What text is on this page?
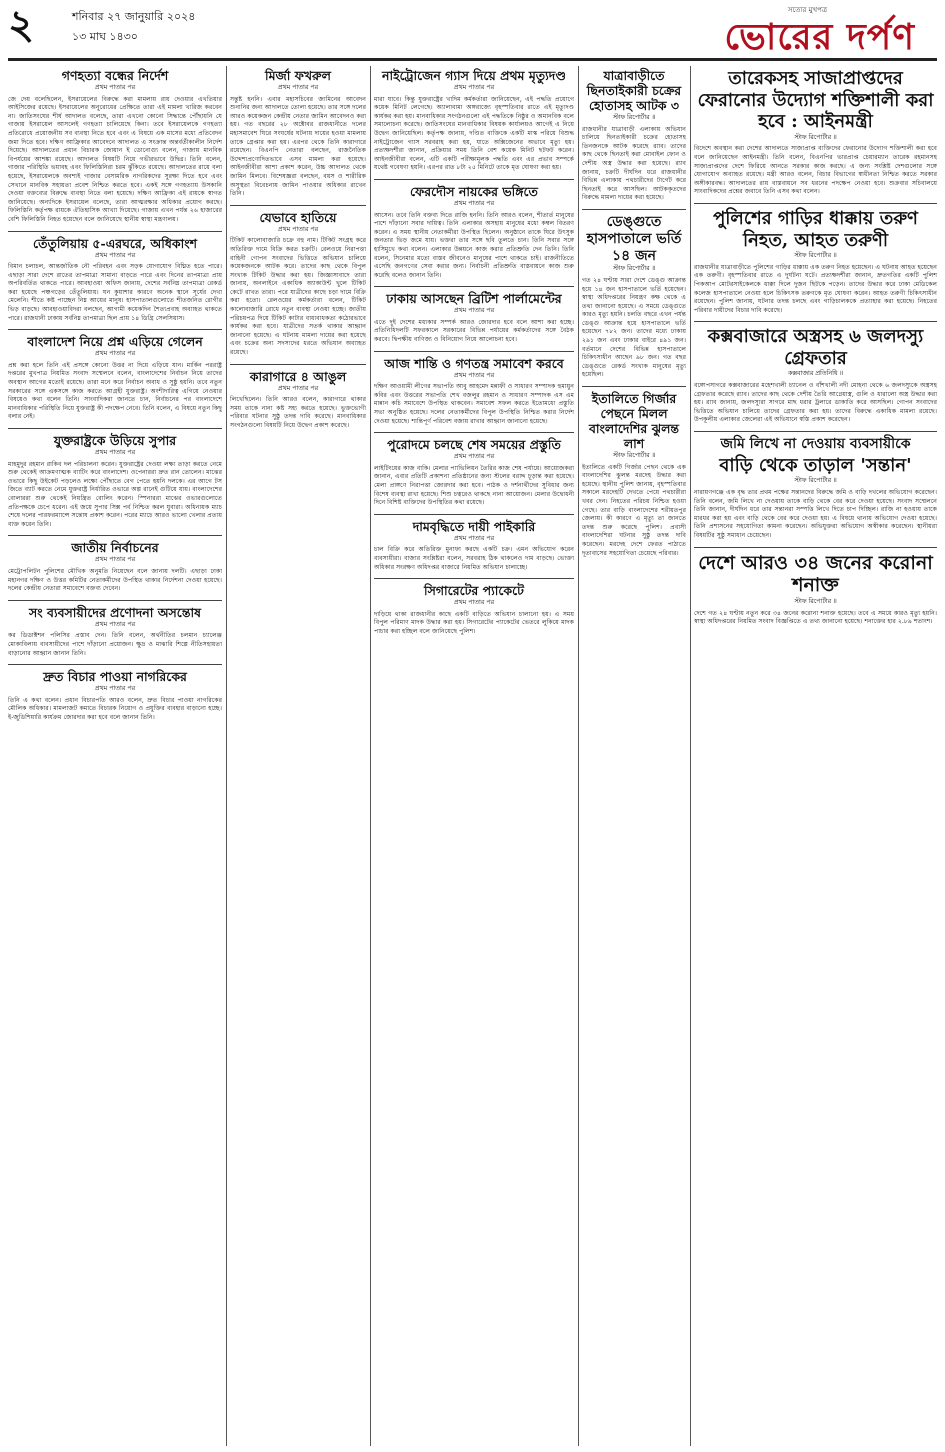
২	শনিবার ২৭ জানুয়ারি ২০২৪
১৩ মাঘ ১৪৩০
সত্যের মুখপত্র
ভোরের দর্পণ
গণহত্যা বন্ধের নির্দেশ
প্রথম পাতার পর

জে দেয় বলেছিলেন, ইসরায়েলের বিরুদ্ধে করা মামলায় রায় দেওয়ার এখতিয়ার আইসিজের রয়েছে। ইসরায়েলের অনুরোধের প্রেক্ষিতে তারা এই মামলা খারিজ করবেন না। জাতিসংঘের শীর্ষ আদালত বলেছে, তারা এখনো কোনো সিদ্ধান্তে পৌঁছায়নি যে গাজায় ইসরায়েল আসলেই গণহত্যা চালিয়েছে কিনা। তবে ইসরায়েলকে গণহত্যা প্রতিরোধে প্রয়োজনীয় সব ব্যবস্থা নিতে হবে এবং এ বিষয়ে এক মাসের মধ্যে প্রতিবেদন জমা দিতে হবে। দক্ষিণ আফ্রিকার আবেদনে আদালত এ সংক্রান্ত অন্তর্বর্তীকালীন নির্দেশ দিয়েছে। আদালতের প্রধান বিচারক জোয়ান ই ডোনোগ্যু বলেন, গাজায় মানবিক বিপর্যয়ের আশঙ্কা রয়েছে। আদালত বিষয়টি নিয়ে গভীরভাবে উদ্বিগ্ন। তিনি বলেন, গাজার পরিস্থিতি ভয়াবহ এবং ফিলিস্তিনিরা চরম ঝুঁকিতে রয়েছে। আদালতের রায়ে বলা হয়েছে, ইসরায়েলকে অবশ্যই গাজার বেসামরিক নাগরিকদের সুরক্ষা দিতে হবে এবং সেখানে মানবিক সহায়তা প্রবেশ নিশ্চিত করতে হবে। একই সঙ্গে গণহত্যায় উসকানি দেওয়া বক্তব্যের বিরুদ্ধে ব্যবস্থা নিতে বলা হয়েছে। দক্ষিণ আফ্রিকা এই রায়কে স্বাগত জানিয়েছে। অন্যদিকে ইসরায়েল বলেছে, তারা আত্মরক্ষার অধিকার প্রয়োগ করছে। ফিলিস্তিনি কর্তৃপক্ষ রায়কে ঐতিহাসিক আখ্যা দিয়েছে। গাজায় এখন পর্যন্ত ২৬ হাজারের বেশি ফিলিস্তিনি নিহত হয়েছেন বলে জানিয়েছে স্থানীয় স্বাস্থ্য মন্ত্রণালয়।

তেঁতুলিয়ায় ৫-এরঘরে, অধিকাংশ
প্রথম পাতার পর

বিমান চলাচল, আন্তর্জাতিক নৌ পরিবহন এবং সড়ক যোগাযোগ বিঘ্নিত হতে পারে। এছাড়া সারা দেশে রাতের তাপমাত্রা সামান্য বাড়তে পারে এবং দিনের তাপমাত্রা প্রায় অপরিবর্তিত থাকতে পারে। আবহাওয়া অফিস জানায়, দেশের সর্বনিম্ন তাপমাত্রা রেকর্ড করা হয়েছে পঞ্চগড়ের তেঁতুলিয়ায়। ঘন কুয়াশার কারণে অনেক স্থানে সূর্যের দেখা মেলেনি। শীতে কষ্ট পাচ্ছেন নিম্ন আয়ের মানুষ। হাসপাতালগুলোতে শীতজনিত রোগীর ভিড় বাড়ছে। আবহাওয়াবিদরা বলছেন, আগামী কয়েকদিন শৈত্যপ্রবাহ অব্যাহত থাকতে পারে। রাজধানী ঢাকায় সর্বনিম্ন তাপমাত্রা ছিল প্রায় ১৪ ডিগ্রি সেলসিয়াস।

বাংলাদেশ নিয়ে প্রশ্ন এড়িয়ে গেলেন
প্রথম পাতার পর

প্রশ্ন করা হলে তিনি এই প্রসঙ্গে কোনো উত্তর না দিয়ে এড়িয়ে যান। মার্কিন পররাষ্ট্র দপ্তরের মুখপাত্র নিয়মিত সংবাদ সম্মেলনে বলেন, বাংলাদেশের নির্বাচন নিয়ে তাদের অবস্থান আগের মতোই রয়েছে। তারা মনে করে নির্বাচন অবাধ ও সুষ্ঠু হয়নি। তবে নতুন সরকারের সঙ্গে একসঙ্গে কাজ করতে আগ্রহী যুক্তরাষ্ট্র। অংশীদারিত্ব এগিয়ে নেওয়ার বিষয়েও কথা বলেন তিনি। সাংবাদিকরা জানতে চান, নির্বাচনের পর বাংলাদেশে মানবাধিকার পরিস্থিতি নিয়ে যুক্তরাষ্ট্র কী পদক্ষেপ নেবে। তিনি বলেন, এ বিষয়ে নতুন কিছু বলার নেই।

যুক্তরাষ্ট্রকে উড়িয়ে সুপার
প্রথম পাতার পর

মাহমুদুর রহমান রাকিব দল পরিচালনা করেন। যুক্তরাষ্ট্রের দেওয়া লক্ষ্য তাড়া করতে নেমে শুরু থেকেই আক্রমণাত্মক ব্যাটিং করে বাংলাদেশ। ওপেনাররা দ্রুত রান তোলেন। মাঝের ওভারে কিছু উইকেট পড়লেও লক্ষ্যে পৌঁছাতে বেগ পেতে হয়নি দলকে। এর আগে টস জিতে ব্যাট করতে নেমে যুক্তরাষ্ট্র নির্ধারিত ওভারে অল্প রানেই গুটিয়ে যায়। বাংলাদেশের বোলাররা শুরু থেকেই নিয়ন্ত্রিত বোলিং করেন। স্পিনাররা মাঝের ওভারগুলোতে প্রতিপক্ষকে চেপে ধরেন। এই জয়ে সুপার সিক্স পর্ব নিশ্চিত করল যুবারা। অধিনায়ক ম্যাচ শেষে দলের পারফরম্যান্সে সন্তোষ প্রকাশ করেন। পরের ম্যাচে আরও ভালো খেলার প্রত্যয় ব্যক্ত করেন তিনি।

জাতীয় নির্বাচনের
প্রথম পাতার পর

মেট্রোপলিটন পুলিশের মৌখিক অনুমতি নিয়েছেন বলে জানায় দলটি। এছাড়া ঢাকা মহানগর দক্ষিণ ও উত্তর কমিটির নেতাকর্মীদের উপস্থিত থাকার নির্দেশনা দেওয়া হয়েছে। দলের কেন্দ্রীয় নেতারা সমাবেশে বক্তব্য দেবেন।

সং ব্যবসায়ীদের প্রণোদনা অসন্তোষ
প্রথম পাতার পর

কর ডিডাক্টশন পলিসির প্রস্তাব দেন। তিনি বলেন, অর্থনীতির চলমান চ্যালেঞ্জ মোকাবিলায় ব্যবসায়ীদের পাশে দাঁড়ানো প্রয়োজন। ক্ষুদ্র ও মাঝারি শিল্পে নীতিসহায়তা বাড়ানোর আহ্বান জানান তিনি।

দ্রুত বিচার পাওয়া নাগরিকের
প্রথম পাতার পর

তিনি এ কথা বলেন। প্রধান বিচারপতি আরও বলেন, দ্রুত বিচার পাওয়া নাগরিকের মৌলিক অধিকার। মামলাজট কমাতে বিচারক নিয়োগ ও প্রযুক্তির ব্যবহার বাড়ানো হচ্ছে। ই-জুডিশিয়ারি কার্যক্রম জোরদার করা হবে বলে জানান তিনি।

মির্জা ফখরুল
প্রথম পাতার পর

সন্তুষ্ট হননি। এবার মহাসচিবের জামিনের আবেদন শুনানির জন্য আদালতে তোলা হয়েছে। তার সঙ্গে দলের আরও কয়েকজন কেন্দ্রীয় নেতার জামিন আবেদনও করা হয়। গত বছরের ২৮ অক্টোবর রাজধানীতে দলের মহাসমাবেশ ঘিরে সংঘর্ষের ঘটনায় দায়ের হওয়া মামলায় তাকে গ্রেপ্তার করা হয়। এরপর থেকে তিনি কারাগারে রয়েছেন। বিএনপি নেতারা বলছেন, রাজনৈতিক উদ্দেশ্যপ্রণোদিতভাবে এসব মামলা করা হয়েছে। আইনজীবীরা আশা প্রকাশ করেন, উচ্চ আদালত থেকে জামিন মিলবে। বিশেষজ্ঞরা বলছেন, বয়স ও শারীরিক অসুস্থতা বিবেচনায় জামিন পাওয়ার অধিকার রাখেন তিনি।

যেভাবে হাতিয়ে
প্রথম পাতার পর

টিকিট কালোবাজারি চক্রে বহু নাম। টিকিট সংগ্রহ করে অতিরিক্ত দামে বিক্রি করত চক্রটি। রেলওয়ে নিরাপত্তা বাহিনী গোপন সংবাদের ভিত্তিতে অভিযান চালিয়ে কয়েকজনকে আটক করে। তাদের কাছ থেকে বিপুল সংখ্যক টিকিট উদ্ধার করা হয়। জিজ্ঞাসাবাদে তারা জানায়, অনলাইনে একাধিক অ্যাকাউন্ট খুলে টিকিট কেটে রাখত তারা। পরে যাত্রীদের কাছে চড়া দামে বিক্রি করা হতো। রেলওয়ের কর্মকর্তারা বলেন, টিকিট কালোবাজারি রোধে নতুন ব্যবস্থা নেওয়া হচ্ছে। জাতীয় পরিচয়পত্র দিয়ে টিকিট কাটার বাধ্যবাধকতা কঠোরভাবে কার্যকর করা হবে। যাত্রীদের সতর্ক থাকার আহ্বান জানানো হয়েছে। এ ঘটনায় মামলা দায়ের করা হয়েছে এবং চক্রের অন্য সদস্যদের ধরতে অভিযান অব্যাহত রয়েছে।

কারাগারে ৪ আঙুল
প্রথম পাতার পর

লিখেছিলেন। তিনি আরও বলেন, কারাগারে থাকার সময় তাকে নানা কষ্ট সহ্য করতে হয়েছে। ভুক্তভোগী পরিবার ঘটনার সুষ্ঠু তদন্ত দাবি করেছে। মানবাধিকার সংগঠনগুলো বিষয়টি নিয়ে উদ্বেগ প্রকাশ করেছে।

নাইট্রোজেন গ্যাস দিয়ে প্রথম মৃত্যুদণ্ড
প্রথম পাতার পর

মারা যাবে। কিন্তু যুক্তরাষ্ট্রের খাদিম কর্মকর্তারা জানিয়েছেন, এই পদ্ধতি প্রয়োগে কয়েক মিনিট লেগেছে। অ্যালাবামা অঙ্গরাজ্যে বৃহস্পতিবার রাতে এই মৃত্যুদণ্ড কার্যকর করা হয়। মানবাধিকার সংগঠনগুলো এই পদ্ধতিকে নিষ্ঠুর ও অমানবিক বলে সমালোচনা করেছে। জাতিসংঘের মানবাধিকার বিষয়ক কার্যালয়ও আগেই এ নিয়ে উদ্বেগ জানিয়েছিল। কর্তৃপক্ষ জানায়, দণ্ডিত ব্যক্তিকে একটি মাস্ক পরিয়ে বিশুদ্ধ নাইট্রোজেন গ্যাস সরবরাহ করা হয়, যাতে অক্সিজেনের অভাবে মৃত্যু হয়। প্রত্যক্ষদর্শীরা জানান, প্রক্রিয়ার সময় তিনি বেশ কয়েক মিনিট ছটফট করেন। আইনজীবীরা বলেন, এটি একটি পরীক্ষামূলক পদ্ধতি এবং এর প্রভাব সম্পর্কে যথেষ্ট গবেষণা হয়নি। এরপর রাত ৮টা ২৫ মিনিটে তাকে মৃত ঘোষণা করা হয়।

ফেরদৌস নায়কের ভঙ্গিতে
প্রথম পাতার পর

আসেন। তবে তিনি বক্তব্য দিতে রাজি হননি। তিনি আরও বলেন, শীতার্ত মানুষের পাশে দাঁড়ানো সবার দায়িত্ব। তিনি এলাকার অসহায় মানুষের মধ্যে কম্বল বিতরণ করেন। এ সময় স্থানীয় নেতাকর্মীরা উপস্থিত ছিলেন। অনুষ্ঠানে তাকে ঘিরে উৎসুক জনতার ভিড় জমে যায়। ভক্তরা তার সঙ্গে ছবি তুলতে চান। তিনি সবার সঙ্গে হাসিমুখে কথা বলেন। এলাকার উন্নয়নে কাজ করার প্রতিশ্রুতি দেন তিনি। তিনি বলেন, সিনেমার মতো বাস্তব জীবনেও মানুষের পাশে থাকতে চাই। রাজনীতিতে এসেছি জনগণের সেবা করার জন্য। নির্বাচনী প্রতিশ্রুতি বাস্তবায়নে কাজ শুরু করেছি বলেও জানান তিনি।

ঢাকায় আসছেন ব্রিটিশ পার্লামেন্টের
প্রথম পাতার পর

এতে দুই দেশের মধ্যকার সম্পর্ক আরও জোরদার হবে বলে আশা করা হচ্ছে। প্রতিনিধিদলটি সফরকালে সরকারের বিভিন্ন পর্যায়ের কর্মকর্তাদের সঙ্গে বৈঠক করবে। দ্বিপক্ষীয় বাণিজ্য ও বিনিয়োগ নিয়ে আলোচনা হবে।

আজ শান্তি ও গণতন্ত্র সমাবেশ করবে
প্রথম পাতার পর

দক্ষিণ আওয়ামী লীগের সভাপতি আবু আহমেদ মন্নাফী ও সাধারণ সম্পাদক হুমায়ুন কবির এবং উত্তরের সভাপতি শেখ বজলুর রহমান ও সাধারণ সম্পাদক এস এম মান্নান কচি সমাবেশে উপস্থিত থাকবেন। সমাবেশ সফল করতে ইতোমধ্যে প্রস্তুতি সভা অনুষ্ঠিত হয়েছে। দলের নেতাকর্মীদের বিপুল উপস্থিতি নিশ্চিত করার নির্দেশ দেওয়া হয়েছে। শান্তিপূর্ণ পরিবেশ বজায় রাখার আহ্বান জানানো হয়েছে।

পুরোদমে চলছে শেষ সময়ের প্রস্তুতি
প্রথম পাতার পর

লাইটিংয়ের কাজ বাকি। মেলার প্যাভিলিয়ন তৈরির কাজ শেষ পর্যায়ে। আয়োজকরা জানান, এবার প্রতিটি প্রকাশনা প্রতিষ্ঠানের জন্য স্টলের বরাদ্দ চূড়ান্ত করা হয়েছে। মেলা প্রাঙ্গণে নিরাপত্তা জোরদার করা হবে। পাঠক ও দর্শনার্থীদের সুবিধার জন্য বিশেষ ব্যবস্থা রাখা হয়েছে। শিশু চত্বরেও থাকছে নানা আয়োজন। মেলার উদ্বোধনী দিনে বিশিষ্ট ব্যক্তিদের উপস্থিতির কথা রয়েছে।

দামবৃদ্ধিতে দায়ী পাইকারি
প্রথম পাতার পর

চাল বিক্রি করে অতিরিক্ত মুনাফা করছে একটি চক্র। এমন অভিযোগ করেন ব্যবসায়ীরা। বাজার সংশ্লিষ্টরা বলেন, সরবরাহ ঠিক থাকলেও দাম বাড়ছে। ভোক্তা অধিকার সংরক্ষণ অধিদপ্তর বাজারে নিয়মিত অভিযান চালাচ্ছে।

সিগারেটের প্যাকেটে
প্রথম পাতার পর

দাড়িয়ে থাকা রাজধানীর কাছে একটি বাড়িতে অভিযান চালানো হয়। এ সময় বিপুল পরিমাণ মাদক উদ্ধার করা হয়। সিগারেটের প্যাকেটের ভেতরে লুকিয়ে মাদক পাচার করা হচ্ছিল বলে জানিয়েছে পুলিশ।

যাত্রাবাড়ীতে ছিনতাইকারী চক্রের হোতাসহ আটক ৩
স্টাফ রিপোর্টার ॥

রাজধানীর যাত্রাবাড়ী এলাকায় অভিযান চালিয়ে ছিনতাইকারী চক্রের হোতাসহ তিনজনকে আটক করেছে র‍্যাব। তাদের কাছ থেকে ছিনতাই করা মোবাইল ফোন ও দেশীয় অস্ত্র উদ্ধার করা হয়েছে। র‍্যাব জানায়, চক্রটি দীর্ঘদিন ধরে রাজধানীর বিভিন্ন এলাকায় পথচারীদের টার্গেট করে ছিনতাই করে আসছিল। আটককৃতদের বিরুদ্ধে মামলা দায়ের করা হয়েছে।

ডেঙ্গুতে হাসপাতালে ভর্তি ১৪ জন
স্টাফ রিপোর্টার ॥

গত ২৪ ঘণ্টায় সারা দেশে ডেঙ্গু আক্রান্ত হয়ে ১৪ জন হাসপাতালে ভর্তি হয়েছেন। স্বাস্থ্য অধিদপ্তরের নিয়ন্ত্রণ কক্ষ থেকে এ তথ্য জানানো হয়েছে। এ সময়ে ডেঙ্গুতে কারও মৃত্যু হয়নি। চলতি বছরে এখন পর্যন্ত ডেঙ্গু আক্রান্ত হয়ে হাসপাতালে ভর্তি হয়েছেন ৭৮২ জন। তাদের মধ্যে ঢাকায় ২৯১ জন এবং ঢাকার বাইরে ৪৯১ জন। বর্তমানে দেশের বিভিন্ন হাসপাতালে চিকিৎসাধীন আছেন ৯৮ জন। গত বছর ডেঙ্গুতে রেকর্ড সংখ্যক মানুষের মৃত্যু হয়েছিল।

ইতালিতে গির্জার পেছনে মিলল বাংলাদেশির ঝুলন্ত লাশ
স্টাফ রিপোর্টার ॥

ইতালিতে একটি গির্জার পেছন থেকে এক বাংলাদেশির ঝুলন্ত মরদেহ উদ্ধার করা হয়েছে। স্থানীয় পুলিশ জানায়, বৃহস্পতিবার সকালে মরদেহটি দেখতে পেয়ে পথচারীরা খবর দেন। নিহতের পরিচয় নিশ্চিত হওয়া গেছে। তার বাড়ি বাংলাদেশের শরীয়তপুর জেলায়। কী কারণে এ মৃত্যু তা জানতে তদন্ত শুরু করেছে পুলিশ। প্রবাসী বাংলাদেশিরা ঘটনার সুষ্ঠু তদন্ত দাবি করেছেন। মরদেহ দেশে ফেরত পাঠাতে দূতাবাসের সহযোগিতা চেয়েছে পরিবার।

তারেকসহ সাজাপ্রাপ্তদের ফেরানোর উদ্যোগ শক্তিশালী করা হবে : আইনমন্ত্রী
স্টাফ রিপোর্টার ॥

বিদেশে অবস্থান করা দেশের আদালতে সাজাপ্রাপ্ত ব্যক্তিদের ফেরানোর উদ্যোগ শক্তিশালী করা হবে বলে জানিয়েছেন আইনমন্ত্রী। তিনি বলেন, বিএনপির ভারপ্রাপ্ত চেয়ারম্যান তারেক রহমানসহ সাজাপ্রাপ্তদের দেশে ফিরিয়ে আনতে সরকার কাজ করছে। এ জন্য সংশ্লিষ্ট দেশগুলোর সঙ্গে যোগাযোগ অব্যাহত রয়েছে। মন্ত্রী আরও বলেন, বিচার বিভাগের স্বাধীনতা নিশ্চিত করতে সরকার অঙ্গীকারবদ্ধ। আদালতের রায় বাস্তবায়নে সব ধরনের পদক্ষেপ নেওয়া হবে। শুক্রবার সচিবালয়ে সাংবাদিকদের প্রশ্নের জবাবে তিনি এসব কথা বলেন।

পুলিশের গাড়ির ধাক্কায় তরুণ নিহত, আহত তরুণী
স্টাফ রিপোর্টার ॥

রাজধানীর যাত্রাবাড়ীতে পুলিশের গাড়ির ধাক্কায় এক তরুণ নিহত হয়েছেন। এ ঘটনায় আহত হয়েছেন এক তরুণী। বৃহস্পতিবার রাতে এ দুর্ঘটনা ঘটে। প্রত্যক্ষদর্শীরা জানান, দ্রুতগতির একটি পুলিশ পিকআপ মোটরসাইকেলকে ধাক্কা দিলে দুজন ছিটকে পড়েন। তাদের উদ্ধার করে ঢাকা মেডিকেল কলেজ হাসপাতালে নেওয়া হলে চিকিৎসক তরুণকে মৃত ঘোষণা করেন। আহত তরুণী চিকিৎসাধীন রয়েছেন। পুলিশ জানায়, ঘটনার তদন্ত চলছে এবং গাড়িচালককে প্রত্যাহার করা হয়েছে। নিহতের পরিবার দায়ীদের বিচার দাবি করেছে।

কক্সবাজারে অস্ত্রসহ ৬ জলদস্যু গ্রেফতার
কক্সবাজার প্রতিনিধি ॥

বঙ্গোপসাগরে কক্সবাজারের মহেশখালী চ্যানেল ও বাঁশখালী নদী মোহনা থেকে ৬ জলদস্যুকে অস্ত্রসহ গ্রেফতার করেছে র‍্যাব। তাদের কাছ থেকে দেশীয় তৈরি আগ্নেয়াস্ত্র, গুলি ও ধারালো অস্ত্র উদ্ধার করা হয়। র‍্যাব জানায়, জলদস্যুরা সাগরে মাছ ধরার ট্রলারে ডাকাতি করে আসছিল। গোপন সংবাদের ভিত্তিতে অভিযান চালিয়ে তাদের গ্রেফতার করা হয়। তাদের বিরুদ্ধে একাধিক মামলা রয়েছে। উপকূলীয় এলাকার জেলেরা এই অভিযানে স্বস্তি প্রকাশ করেছেন।

জমি লিখে না দেওয়ায় ব্যবসায়ীকে
বাড়ি থেকে তাড়াল 'সন্তান'
স্টাফ রিপোর্টার ॥

নারায়ণগঞ্জে এক বৃদ্ধ তার প্রথম পক্ষের সন্তানদের বিরুদ্ধে জমি ও বাড়ি দখলের অভিযোগ করেছেন। তিনি বলেন, জমি লিখে না দেওয়ায় তাকে বাড়ি থেকে বের করে দেওয়া হয়েছে। সংবাদ সম্মেলনে তিনি জানান, দীর্ঘদিন ধরে তার সন্তানরা সম্পত্তি লিখে দিতে চাপ দিচ্ছিল। রাজি না হওয়ায় তাকে মারধর করা হয় এবং বাড়ি থেকে বের করে দেওয়া হয়। এ বিষয়ে থানায় অভিযোগ দেওয়া হয়েছে। তিনি প্রশাসনের সহযোগিতা কামনা করেছেন। অভিযুক্তরা অভিযোগ অস্বীকার করেছেন। স্থানীয়রা বিষয়টির সুষ্ঠু সমাধান চেয়েছেন।

দেশে আরও ৩৪ জনের করোনা শনাক্ত
স্টাফ রিপোর্টার ॥

দেশে গত ২৪ ঘণ্টায় নতুন করে ৩৪ জনের করোনা শনাক্ত হয়েছে। তবে এ সময়ে কারও মৃত্যু হয়নি। স্বাস্থ্য অধিদপ্তরের নিয়মিত সংবাদ বিজ্ঞপ্তিতে এ তথ্য জানানো হয়েছে। শনাক্তের হার ২.৮৯ শতাংশ।
